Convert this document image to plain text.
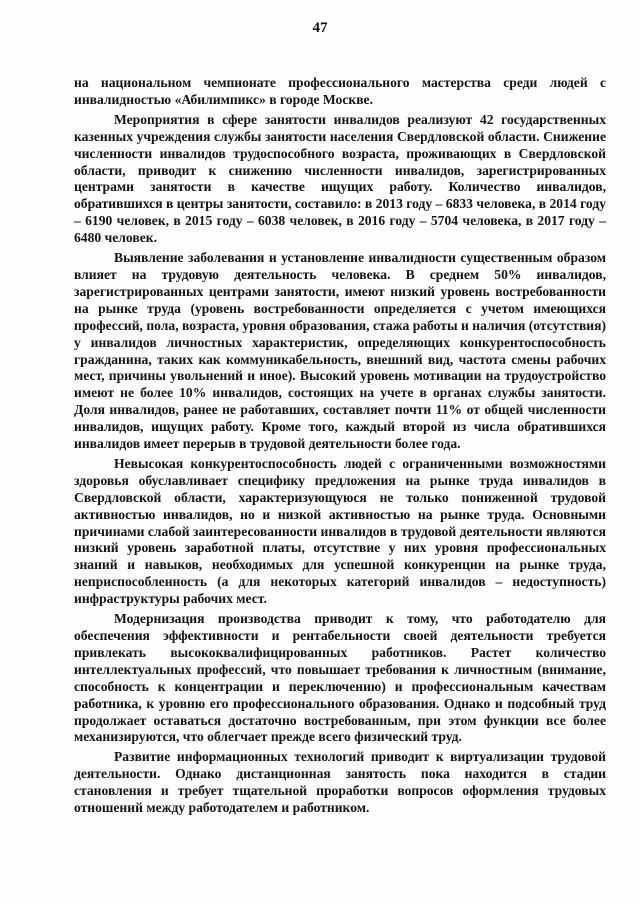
47

на национальном чемпионате профессионального мастерства среди людей с инвалидностью «Абилимпикс» в городе Москве.

Мероприятия в сфере занятости инвалидов реализуют 42 государственных казенных учреждения службы занятости населения Свердловской области. Снижение численности инвалидов трудоспособного возраста, проживающих в Свердловской области, приводит к снижению численности инвалидов, зарегистрированных центрами занятости в качестве ищущих работу. Количество инвалидов, обратившихся в центры занятости, составило: в 2013 году – 6833 человека, в 2014 году – 6190 человек, в 2015 году – 6038 человек, в 2016 году – 5704 человека, в 2017 году – 6480 человек.

Выявление заболевания и установление инвалидности существенным образом влияет на трудовую деятельность человека. В среднем 50% инвалидов, зарегистрированных центрами занятости, имеют низкий уровень востребованности на рынке труда (уровень востребованности определяется с учетом имеющихся профессий, пола, возраста, уровня образования, стажа работы и наличия (отсутствия) у инвалидов личностных характеристик, определяющих конкурентоспособность гражданина, таких как коммуникабельность, внешний вид, частота смены рабочих мест, причины увольнений и иное). Высокий уровень мотивации на трудоустройство имеют не более 10% инвалидов, состоящих на учете в органах службы занятости. Доля инвалидов, ранее не работавших, составляет почти 11% от общей численности инвалидов, ищущих работу. Кроме того, каждый второй из числа обратившихся инвалидов имеет перерыв в трудовой деятельности более года.

Невысокая конкурентоспособность людей с ограниченными возможностями здоровья обуславливает специфику предложения на рынке труда инвалидов в Свердловской области, характеризующуюся не только пониженной трудовой активностью инвалидов, но и низкой активностью на рынке труда. Основными причинами слабой заинтересованности инвалидов в трудовой деятельности являются низкий уровень заработной платы, отсутствие у них уровня профессиональных знаний и навыков, необходимых для успешной конкуренции на рынке труда, неприспособленность (а для некоторых категорий инвалидов – недоступность) инфраструктуры рабочих мест.

Модернизация производства приводит к тому, что работодателю для обеспечения эффективности и рентабельности своей деятельности требуется привлекать высококвалифицированных работников. Растет количество интеллектуальных профессий, что повышает требования к личностным (внимание, способность к концентрации и переключению) и профессиональным качествам работника, к уровню его профессионального образования. Однако и подсобный труд продолжает оставаться достаточно востребованным, при этом функции все более механизируются, что облегчает прежде всего физический труд.

Развитие информационных технологий приводит к виртуализации трудовой деятельности. Однако дистанционная занятость пока находится в стадии становления и требует тщательной проработки вопросов оформления трудовых отношений между работодателем и работником.
